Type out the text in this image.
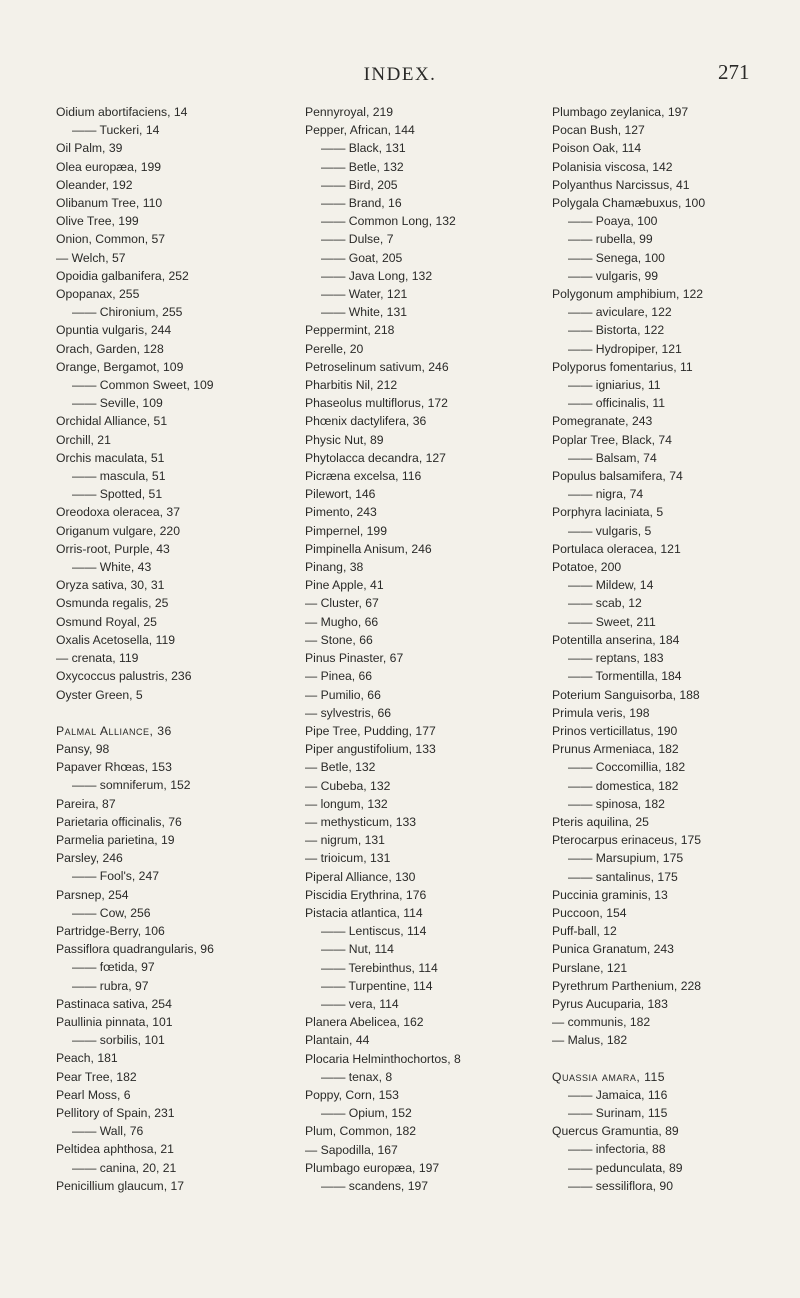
INDEX.	271
Oidium abortifaciens, 14
—— Tuckeri, 14
Oil Palm, 39
Olea europæa, 199
Oleander, 192
Olibanum Tree, 110
Olive Tree, 199
Onion, Common, 57
— Welch, 57
Opoidia galbanifera, 252
Opopanax, 255
—— Chironium, 255
Opuntia vulgaris, 244
Orach, Garden, 128
Orange, Bergamot, 109
—— Common Sweet, 109
—— Seville, 109
Orchidal Alliance, 51
Orchill, 21
Orchis maculata, 51
—— mascula, 51
—— Spotted, 51
Oreodoxa oleracea, 37
Origanum vulgare, 220
Orris-root, Purple, 43
—— White, 43
Oryza sativa, 30, 31
Osmunda regalis, 25
Osmund Royal, 25
Oxalis Acetosella, 119
— crenata, 119
Oxycoccus palustris, 236
Oyster Green, 5
Palmal Alliance, 36
Pansy, 98
Papaver Rhœas, 153
—— somniferum, 152
Pareira, 87
Parietaria officinalis, 76
Parmelia parietina, 19
Parsley, 246
—— Fool's, 247
Parsnep, 254
—— Cow, 256
Partridge-Berry, 106
Passiflora quadrangularis, 96
—— fœtida, 97
—— rubra, 97
Pastinaca sativa, 254
Paullinia pinnata, 101
—— sorbilis, 101
Peach, 181
Pear Tree, 182
Pearl Moss, 6
Pellitory of Spain, 231
—— Wall, 76
Peltidea aphthosa, 21
—— canina, 20, 21
Penicillium glaucum, 17
Pennyroyal, 219
Pepper, African, 144
—— Black, 131
—— Betle, 132
—— Bird, 205
—— Brand, 16
—— Common Long, 132
—— Dulse, 7
—— Goat, 205
—— Java Long, 132
—— Water, 121
—— White, 131
Peppermint, 218
Perelle, 20
Petroselinum sativum, 246
Pharbitis Nil, 212
Phaseolus multiflorus, 172
Phœnix dactylifera, 36
Physic Nut, 89
Phytolacca decandra, 127
Picræna excelsa, 116
Pilewort, 146
Pimento, 243
Pimpernel, 199
Pimpinella Anisum, 246
Pinang, 38
Pine Apple, 41
— Cluster, 67
— Mugho, 66
— Stone, 66
Pinus Pinaster, 67
— Pinea, 66
— Pumilio, 66
— sylvestris, 66
Pipe Tree, Pudding, 177
Piper angustifolium, 133
— Betle, 132
— Cubeba, 132
— longum, 132
— methysticum, 133
— nigrum, 131
— trioicum, 131
Piperal Alliance, 130
Piscidia Erythrina, 176
Pistacia atlantica, 114
—— Lentiscus, 114
—— Nut, 114
—— Terebinthus, 114
—— Turpentine, 114
—— vera, 114
Planera Abelicea, 162
Plantain, 44
Plocaria Helminthochortos, 8
—— tenax, 8
Poppy, Corn, 153
—— Opium, 152
Plum, Common, 182
— Sapodilla, 167
Plumbago europæa, 197
—— scandens, 197
Plumbago zeylanica, 197
Pocan Bush, 127
Poison Oak, 114
Polanisia viscosa, 142
Polyanthus Narcissus, 41
Polygala Chamæbuxus, 100
—— Poaya, 100
—— rubella, 99
—— Senega, 100
—— vulgaris, 99
Polygonum amphibium, 122
—— aviculare, 122
—— Bistorta, 122
—— Hydropiper, 121
Polyporus fomentarius, 11
—— igniarius, 11
—— officinalis, 11
Pomegranate, 243
Poplar Tree, Black, 74
—— Balsam, 74
Populus balsamifera, 74
—— nigra, 74
Porphyra laciniata, 5
—— vulgaris, 5
Portulaca oleracea, 121
Potatoe, 200
—— Mildew, 14
—— scab, 12
—— Sweet, 211
Potentilla anserina, 184
—— reptans, 183
—— Tormentilla, 184
Poterium Sanguisorba, 188
Primula veris, 198
Prinos verticillatus, 190
Prunus Armeniaca, 182
—— Coccomillia, 182
—— domestica, 182
—— spinosa, 182
Pteris aquilina, 25
Pterocarpus erinaceus, 175
—— Marsupium, 175
—— santalinus, 175
Puccinia graminis, 13
Puccoon, 154
Puff-ball, 12
Punica Granatum, 243
Purslane, 121
Pyrethrum Parthenium, 228
Pyrus Aucuparia, 183
— communis, 182
— Malus, 182
Quassia amara, 115
—— Jamaica, 116
—— Surinam, 115
Quercus Gramuntia, 89
—— infectoria, 88
—— pedunculata, 89
—— sessiliflora, 90
